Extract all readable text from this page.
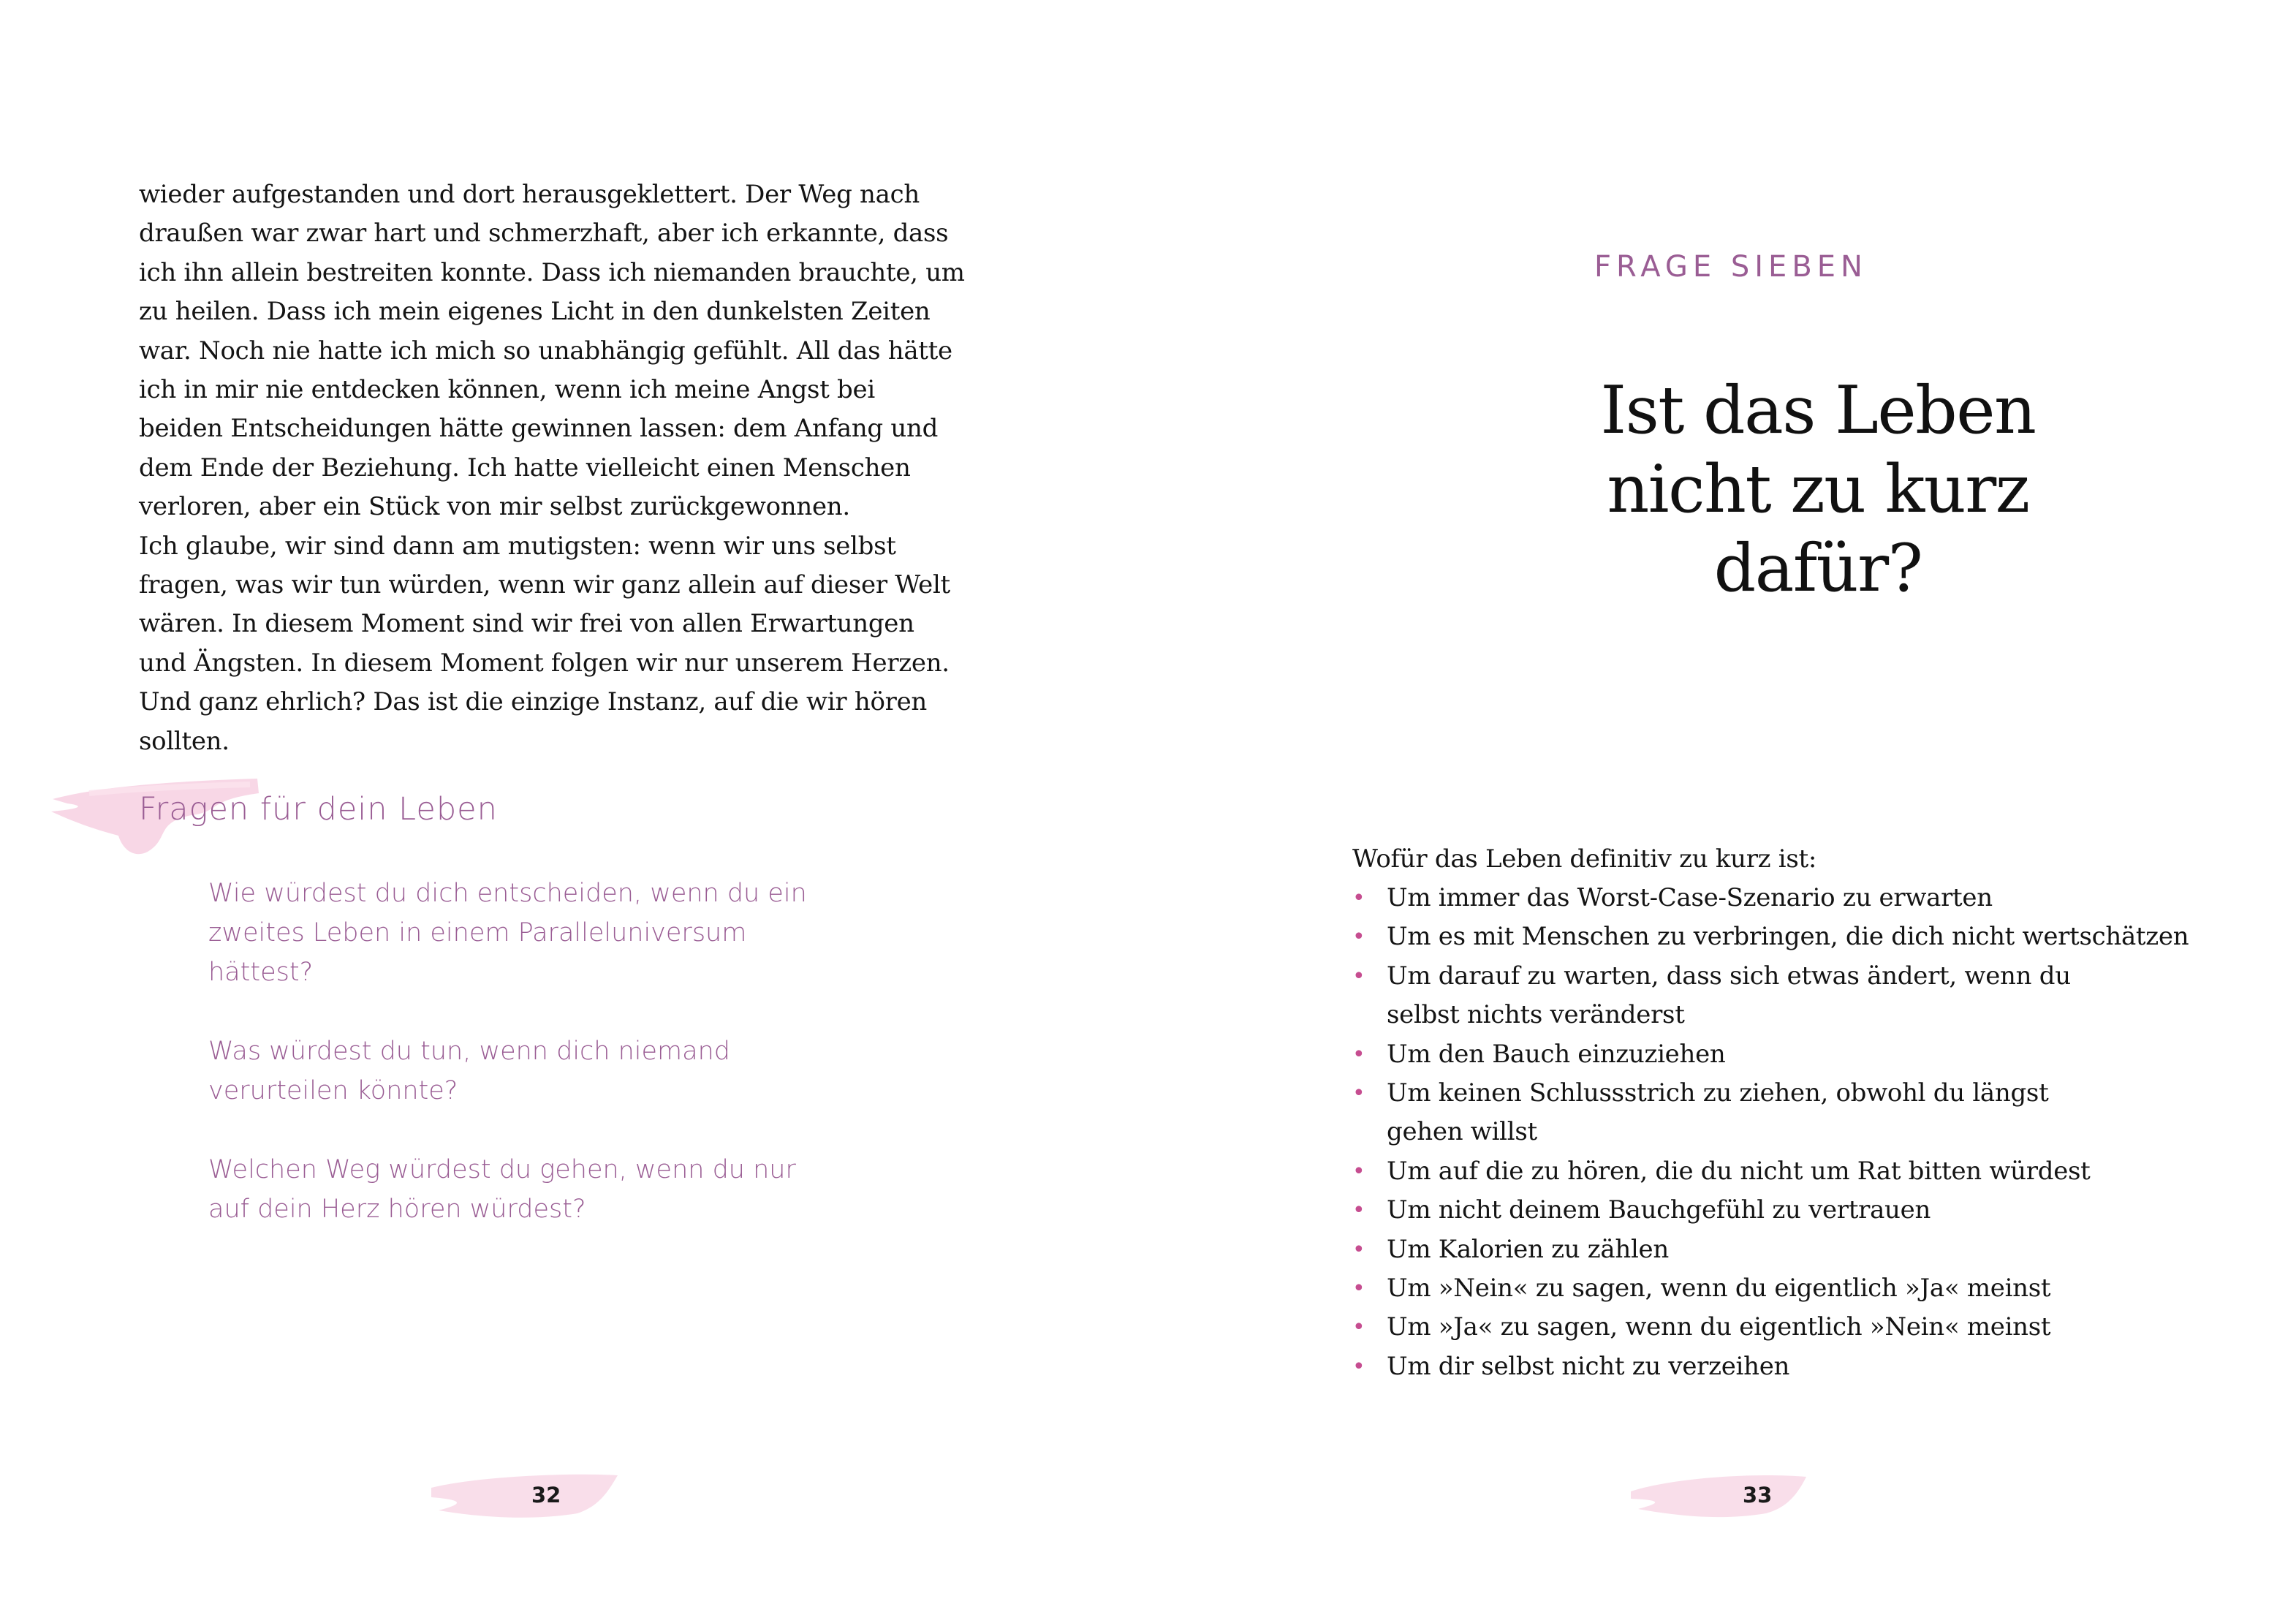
wieder aufgestanden und dort herausgeklettert. Der Weg nach draußen war zwar hart und schmerzhaft, aber ich erkannte, dass ich ihn allein bestreiten konnte. Dass ich niemanden brauchte, um zu heilen. Dass ich mein eigenes Licht in den dunkelsten Zeiten war. Noch nie hatte ich mich so unabhängig gefühlt. All das hätte ich in mir nie entdecken können, wenn ich meine Angst bei beiden Entscheidungen hätte gewinnen lassen: dem Anfang und dem Ende der Beziehung. Ich hatte vielleicht einen Menschen verloren, aber ein Stück von mir selbst zurückgewonnen.

Ich glaube, wir sind dann am mutigsten: wenn wir uns selbst fragen, was wir tun würden, wenn wir ganz allein auf dieser Welt wären. In diesem Moment sind wir frei von allen Erwartungen und Ängsten. In diesem Moment folgen wir nur unserem Herzen. Und ganz ehrlich? Das ist die einzige Instanz, auf die wir hören sollten.

Fragen für dein Leben

Wie würdest du dich entscheiden, wenn du ein zweites Leben in einem Paralleluniversum hättest?

Was würdest du tun, wenn dich niemand verurteilen könnte?

Welchen Weg würdest du gehen, wenn du nur auf dein Herz hören würdest?

32
FRAGE SIEBEN
Ist das Leben nicht zu kurz dafür?
Wofür das Leben definitiv zu kurz ist:
• Um immer das Worst-Case-Szenario zu erwarten
• Um es mit Menschen zu verbringen, die dich nicht wertschätzen
• Um darauf zu warten, dass sich etwas ändert, wenn du selbst nichts veränderst
• Um den Bauch einzuziehen
• Um keinen Schlussstrich zu ziehen, obwohl du längst gehen willst
• Um auf die zu hören, die du nicht um Rat bitten würdest
• Um nicht deinem Bauchgefühl zu vertrauen
• Um Kalorien zu zählen
• Um »Nein« zu sagen, wenn du eigentlich »Ja« meinst
• Um »Ja« zu sagen, wenn du eigentlich »Nein« meinst
• Um dir selbst nicht zu verzeihen
33
